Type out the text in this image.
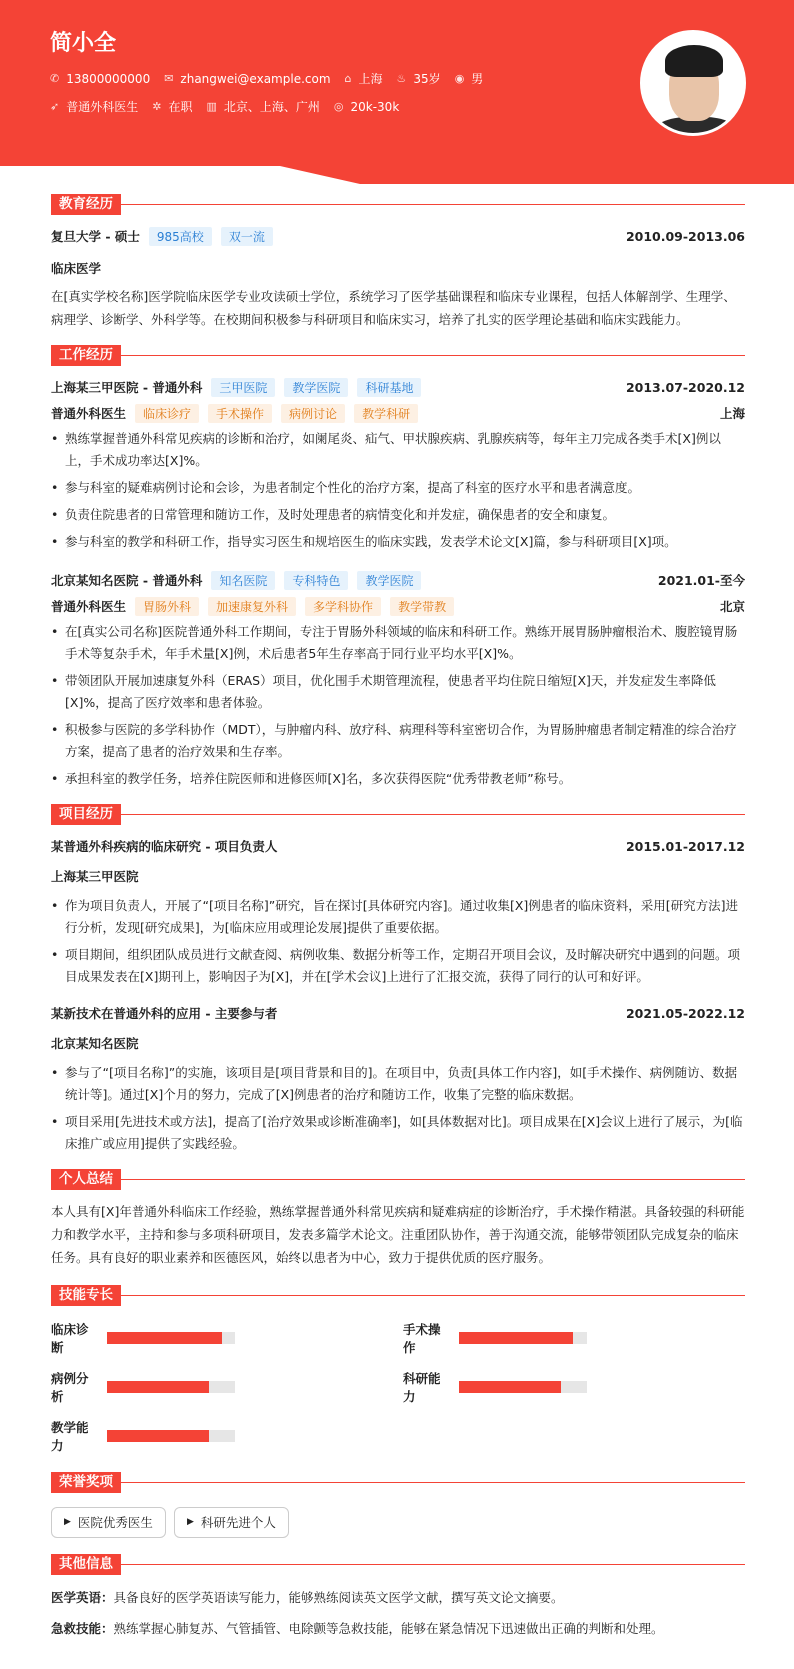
简小全
✆ 13800000000 ✉ zhangwei@example.com ⌂ 上海 ♨ 35岁 ◉ 男
➶ 普通外科医生 ✲ 在职 ▥ 北京、上海、广州 ◎ 20k-30k
教育经历
复旦大学 - 硕士	985高校	双一流	2010.09-2013.06
临床医学
在[真实学校名称]医学院临床医学专业攻读硕士学位，系统学习了医学基础课程和临床专业课程，包括人体解剖学、生理学、病理学、诊断学、外科学等。在校期间积极参与科研项目和临床实习，培养了扎实的医学理论基础和临床实践能力。
工作经历
上海某三甲医院 - 普通外科	三甲医院	教学医院	科研基地	2013.07-2020.12
普通外科医生	临床诊疗	手术操作	病例讨论	教学科研	上海
• 熟练掌握普通外科常见疾病的诊断和治疗，如阑尾炎、疝气、甲状腺疾病、乳腺疾病等，每年主刀完成各类手术[X]例以上，手术成功率达[X]%。
• 参与科室的疑难病例讨论和会诊，为患者制定个性化的治疗方案，提高了科室的医疗水平和患者满意度。
• 负责住院患者的日常管理和随访工作，及时处理患者的病情变化和并发症，确保患者的安全和康复。
• 参与科室的教学和科研工作，指导实习医生和规培医生的临床实践，发表学术论文[X]篇，参与科研项目[X]项。
北京某知名医院 - 普通外科	知名医院	专科特色	教学医院	2021.01-至今
普通外科医生	胃肠外科	加速康复外科	多学科协作	教学带教	北京
• 在[真实公司名称]医院普通外科工作期间，专注于胃肠外科领域的临床和科研工作。熟练开展胃肠肿瘤根治术、腹腔镜胃肠手术等复杂手术，年手术量[X]例，术后患者5年生存率高于同行业平均水平[X]%。
• 带领团队开展加速康复外科（ERAS）项目，优化围手术期管理流程，使患者平均住院日缩短[X]天，并发症发生率降低[X]%，提高了医疗效率和患者体验。
• 积极参与医院的多学科协作（MDT），与肿瘤内科、放疗科、病理科等科室密切合作，为胃肠肿瘤患者制定精准的综合治疗方案，提高了患者的治疗效果和生存率。
• 承担科室的教学任务，培养住院医师和进修医师[X]名，多次获得医院“优秀带教老师”称号。
项目经历
某普通外科疾病的临床研究 - 项目负责人	2015.01-2017.12
上海某三甲医院
• 作为项目负责人，开展了“[项目名称]”研究，旨在探讨[具体研究内容]。通过收集[X]例患者的临床资料，采用[研究方法]进行分析，发现[研究成果]，为[临床应用或理论发展]提供了重要依据。
• 项目期间，组织团队成员进行文献查阅、病例收集、数据分析等工作，定期召开项目会议，及时解决研究中遇到的问题。项目成果发表在[X]期刊上，影响因子为[X]，并在[学术会议]上进行了汇报交流，获得了同行的认可和好评。
某新技术在普通外科的应用 - 主要参与者	2021.05-2022.12
北京某知名医院
• 参与了“[项目名称]”的实施，该项目是[项目背景和目的]。在项目中，负责[具体工作内容]，如[手术操作、病例随访、数据统计等]。通过[X]个月的努力，完成了[X]例患者的治疗和随访工作，收集了完整的临床数据。
• 项目采用[先进技术或方法]，提高了[治疗效果或诊断准确率]，如[具体数据对比]。项目成果在[X]会议上进行了展示，为[临床推广或应用]提供了实践经验。
个人总结
本人具有[X]年普通外科临床工作经验，熟练掌握普通外科常见疾病和疑难病症的诊断治疗，手术操作精湛。具备较强的科研能力和教学水平，主持和参与多项科研项目，发表多篇学术论文。注重团队协作，善于沟通交流，能够带领团队完成复杂的临床任务。具有良好的职业素养和医德医风，始终以患者为中心，致力于提供优质的医疗服务。
技能专长
临床诊断
手术操作
病例分析
科研能力
教学能力
荣誉奖项
▶ 医院优秀医生	▶ 科研先进个人
其他信息

医学英语：具备良好的医学英语读写能力，能够熟练阅读英文医学文献，撰写英文论文摘要。

急救技能：熟练掌握心肺复苏、气管插管、电除颤等急救技能，能够在紧急情况下迅速做出正确的判断和处理。
